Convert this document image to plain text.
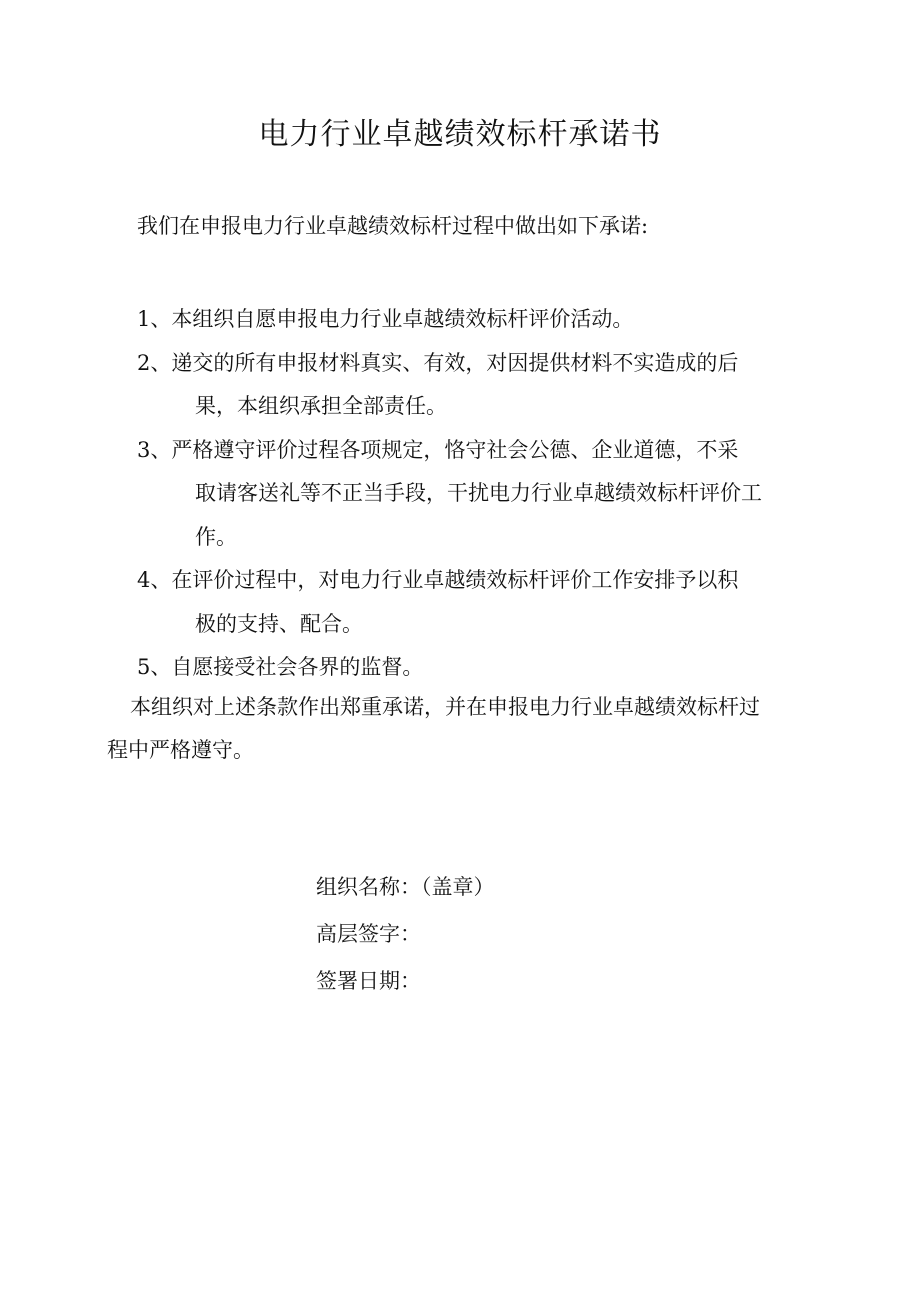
电力行业卓越绩效标杆承诺书
我们在申报电力行业卓越绩效标杆过程中做出如下承诺:
1、本组织自愿申报电力行业卓越绩效标杆评价活动。
2、递交的所有申报材料真实、有效，对因提供材料不实造成的后
果，本组织承担全部责任。
3、严格遵守评价过程各项规定，恪守社会公德、企业道德，不采
取请客送礼等不正当手段，干扰电力行业卓越绩效标杆评价工
作。
4、在评价过程中，对电力行业卓越绩效标杆评价工作安排予以积
极的支持、配合。
5、自愿接受社会各界的监督。
本组织对上述条款作出郑重承诺，并在申报电力行业卓越绩效标杆过
程中严格遵守。
组织名称：（盖章）
高层签字：
签署日期：
